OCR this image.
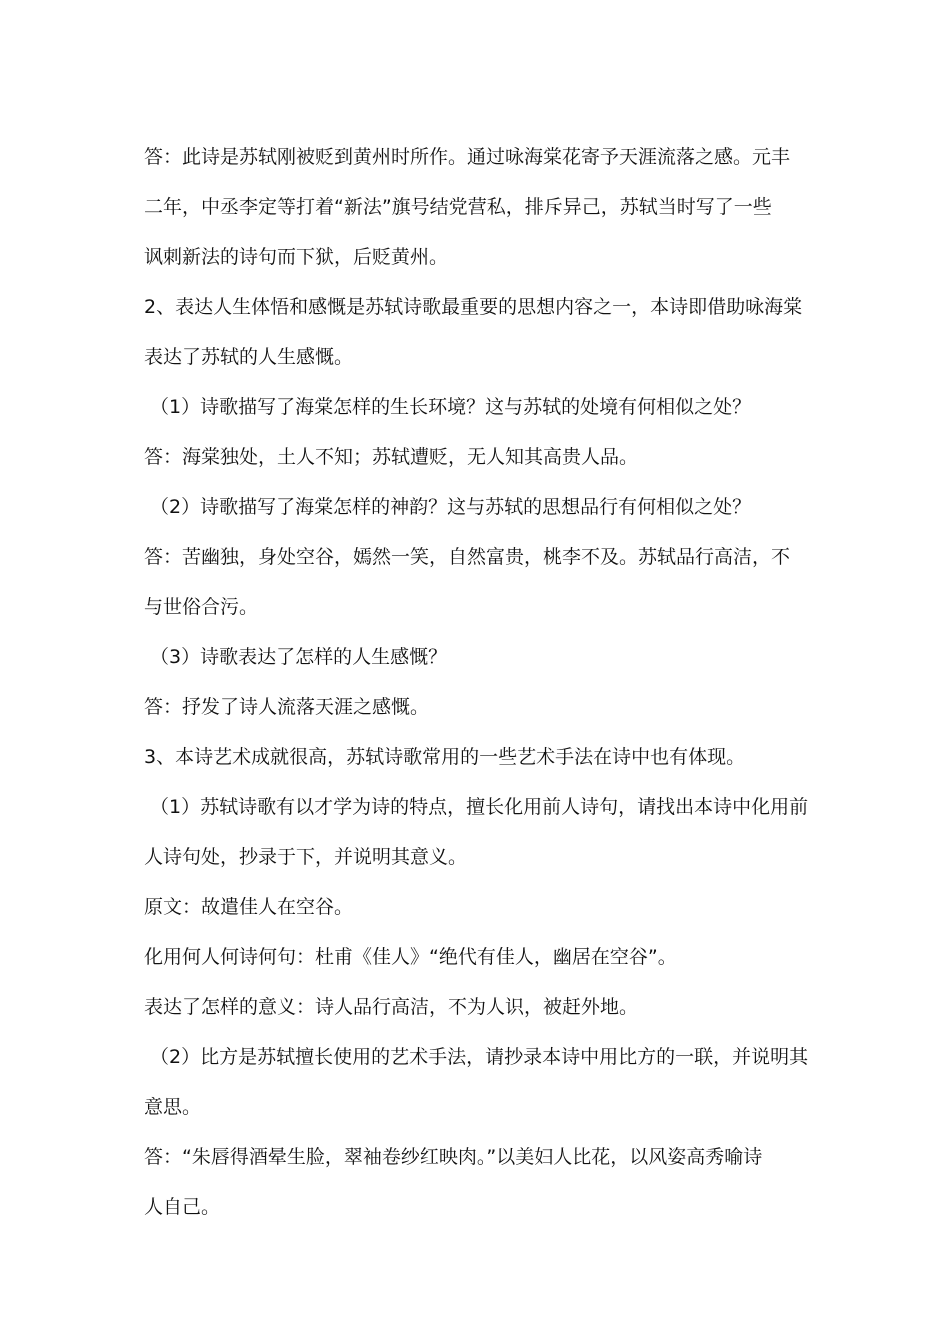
答：此诗是苏轼刚被贬到黄州时所作。通过咏海棠花寄予天涯流落之感。元丰
二年，中丞李定等打着“新法”旗号结党营私，排斥异己，苏轼当时写了一些
讽刺新法的诗句而下狱，后贬黄州。
2、表达人生体悟和感慨是苏轼诗歌最重要的思想内容之一，本诗即借助咏海棠
表达了苏轼的人生感慨。
（1）诗歌描写了海棠怎样的生长环境？这与苏轼的处境有何相似之处？
答：海棠独处，土人不知；苏轼遭贬，无人知其高贵人品。
（2）诗歌描写了海棠怎样的神韵？这与苏轼的思想品行有何相似之处？
答：苦幽独，身处空谷，嫣然一笑，自然富贵，桃李不及。苏轼品行高洁，不
与世俗合污。
（3）诗歌表达了怎样的人生感慨？
答：抒发了诗人流落天涯之感慨。
3、本诗艺术成就很高，苏轼诗歌常用的一些艺术手法在诗中也有体现。
（1）苏轼诗歌有以才学为诗的特点，擅长化用前人诗句，请找出本诗中化用前
人诗句处，抄录于下，并说明其意义。
原文：故遣佳人在空谷。
化用何人何诗何句：杜甫《佳人》“绝代有佳人，幽居在空谷”。
表达了怎样的意义：诗人品行高洁，不为人识，被赶外地。
（2）比方是苏轼擅长使用的艺术手法，请抄录本诗中用比方的一联，并说明其
意思。
答：“朱唇得酒晕生脸，翠袖卷纱红映肉。”以美妇人比花，以风姿高秀喻诗
人自己。
